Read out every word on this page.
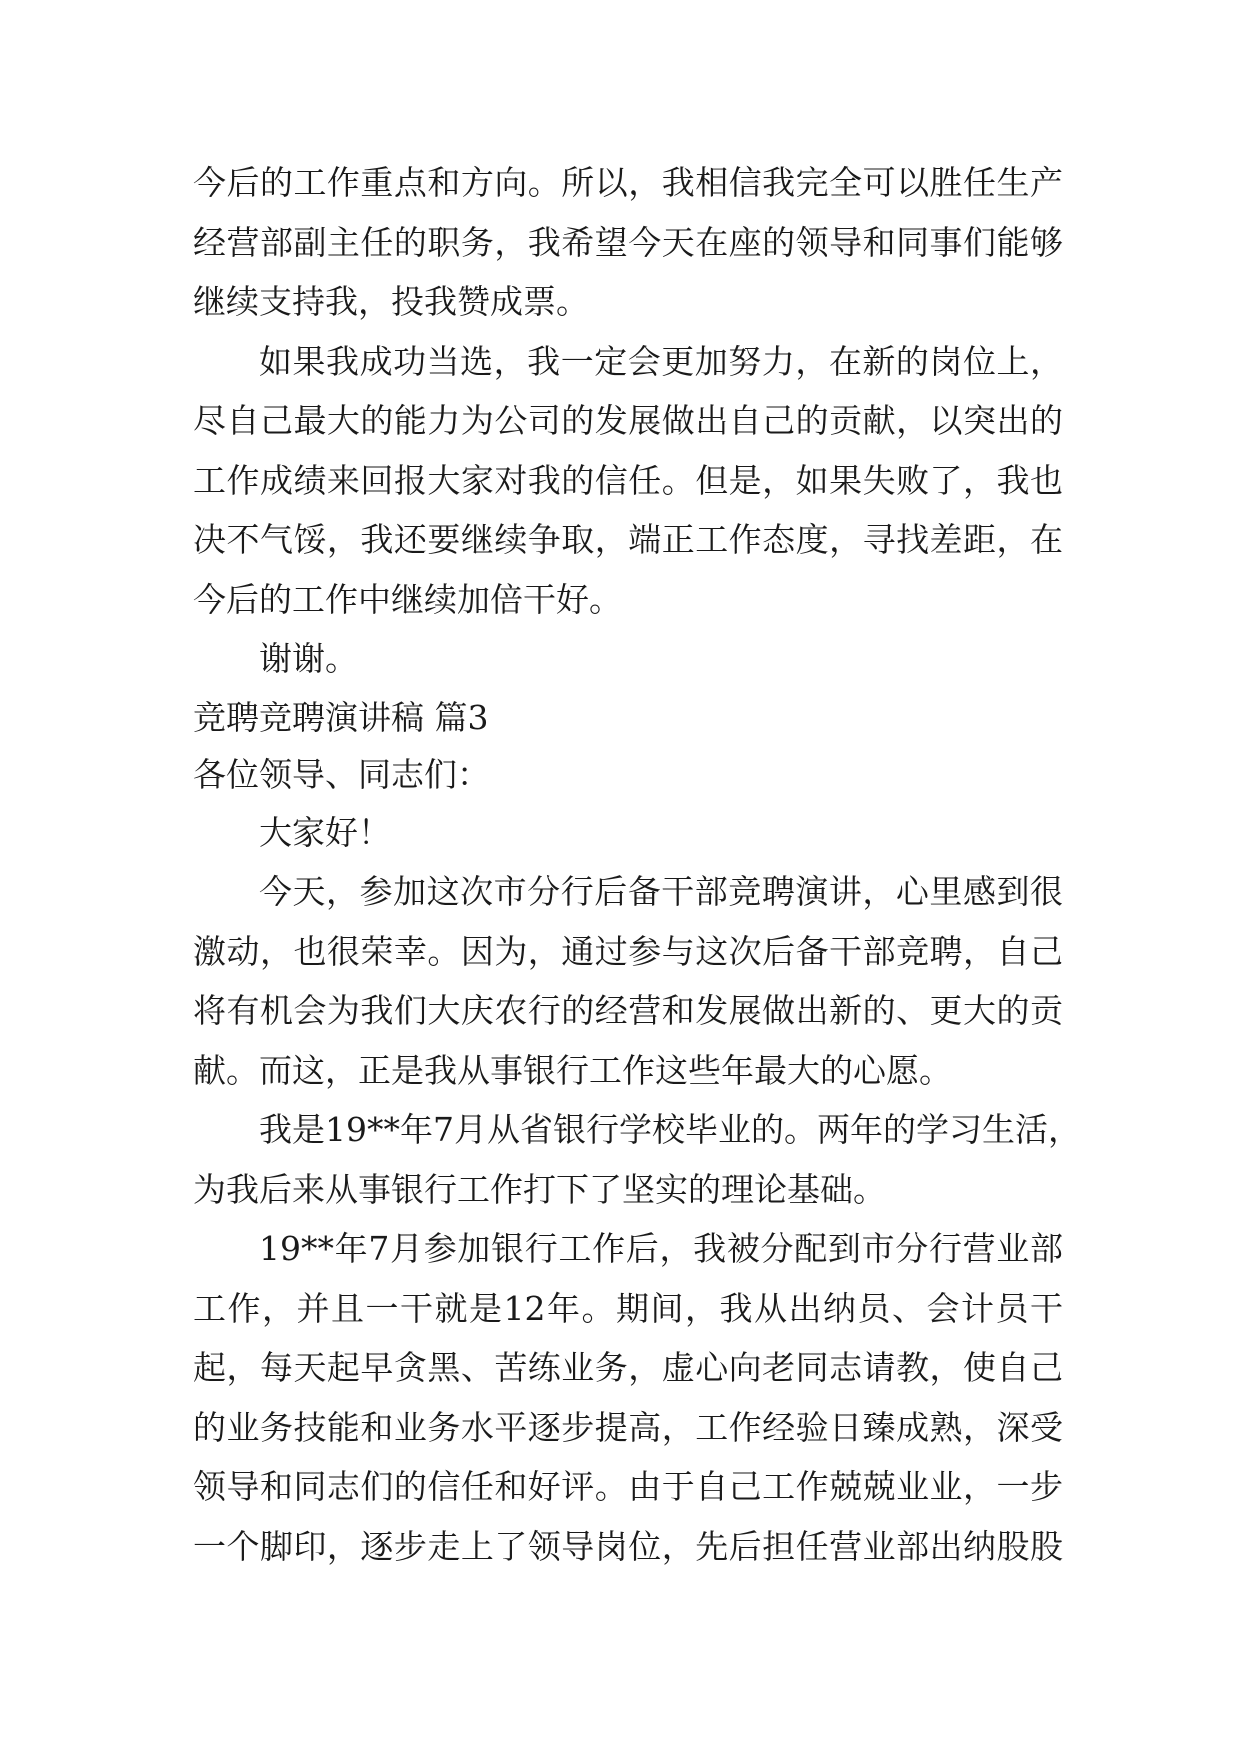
今后的工作重点和方向。所以，我相信我完全可以胜任生产
经营部副主任的职务，我希望今天在座的领导和同事们能够
继续支持我，投我赞成票。
如果我成功当选，我一定会更加努力，在新的岗位上，
尽自己最大的能力为公司的发展做出自己的贡献，以突出的
工作成绩来回报大家对我的信任。但是，如果失败了，我也
决不气馁，我还要继续争取，端正工作态度，寻找差距，在
今后的工作中继续加倍干好。
谢谢。
竞聘竞聘演讲稿 篇3
各位领导、同志们：
大家好！
今天，参加这次市分行后备干部竞聘演讲，心里感到很
激动，也很荣幸。因为，通过参与这次后备干部竞聘，自己
将有机会为我们大庆农行的经营和发展做出新的、更大的贡
献。而这，正是我从事银行工作这些年最大的心愿。
我是19**年7月从省银行学校毕业的。两年的学习生活，
为我后来从事银行工作打下了坚实的理论基础。
19**年7月参加银行工作后，我被分配到市分行营业部
工作，并且一干就是12年。期间，我从出纳员、会计员干
起，每天起早贪黑、苦练业务，虚心向老同志请教，使自己
的业务技能和业务水平逐步提高，工作经验日臻成熟，深受
领导和同志们的信任和好评。由于自己工作兢兢业业，一步
一个脚印，逐步走上了领导岗位，先后担任营业部出纳股股
